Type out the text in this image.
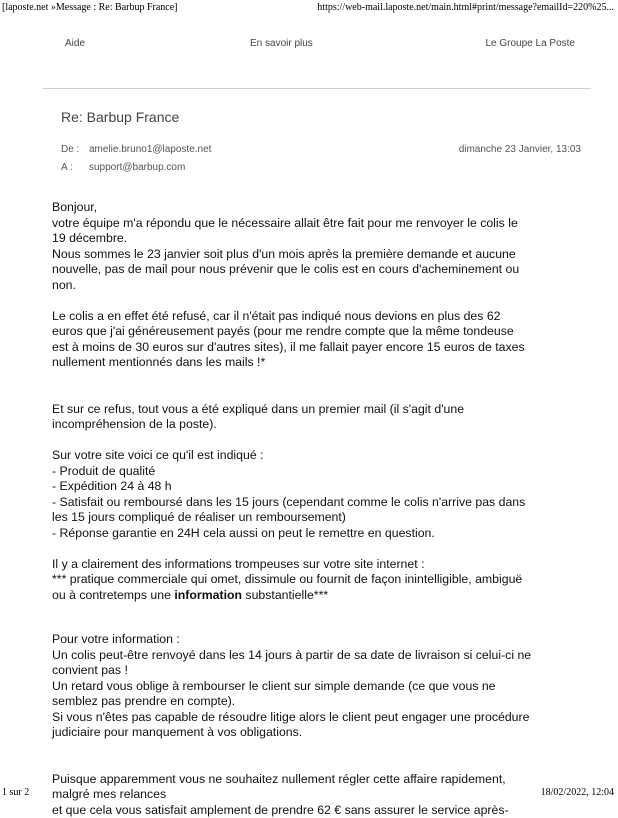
[laposte.net »Message : Re: Barbup France]	https://web-mail.laposte.net/main.html#print/message?emailId=220%25...
Aide	En savoir plus	Le Groupe La Poste
Re: Barbup France
De : amelie.bruno1@laposte.net	dimanche 23 Janvier, 13:03
A : support@barbup.com

Bonjour,
votre équipe m'a répondu que le nécessaire allait être fait pour me renvoyer le colis le
19 décembre.
Nous sommes le 23 janvier soit plus d'un mois après la première demande et aucune
nouvelle, pas de mail pour nous prévenir que le colis est en cours d'acheminement ou
non.

Le colis a en effet été refusé, car il n'était pas indiqué nous devions en plus des 62
euros que j'ai généreusement payés (pour me rendre compte que la même tondeuse
est à moins de 30 euros sur d'autres sites), il me fallait payer encore 15 euros de taxes
nullement mentionnés dans les mails !*

Et sur ce refus, tout vous a été expliqué dans un premier mail (il s'agit d'une
incompréhension de la poste).

Sur votre site voici ce qu'il est indiqué :
- Produit de qualité
- Expédition 24 à 48 h
- Satisfait ou remboursé dans les 15 jours (cependant comme le colis n'arrive pas dans
les 15 jours compliqué de réaliser un remboursement)
- Réponse garantie en 24H cela aussi on peut le remettre en question.

Il y a clairement des informations trompeuses sur votre site internet :
*** pratique commerciale qui omet, dissimule ou fournit de façon inintelligible, ambiguë
ou à contretemps une information substantielle***

Pour votre information :
Un colis peut-être renvoyé dans les 14 jours à partir de sa date de livraison si celui-ci ne
convient pas !
Un retard vous oblige à rembourser le client sur simple demande (ce que vous ne
semblez pas prendre en compte).
Si vous n'êtes pas capable de résoudre litige alors le client peut engager une procédure
judiciaire pour manquement à vos obligations.

Puisque apparemment vous ne souhaitez nullement régler cette affaire rapidement,
malgré mes relances
et que cela vous satisfait amplement de prendre 62 € sans assurer le service après-

1 sur 2	18/02/2022, 12:04
